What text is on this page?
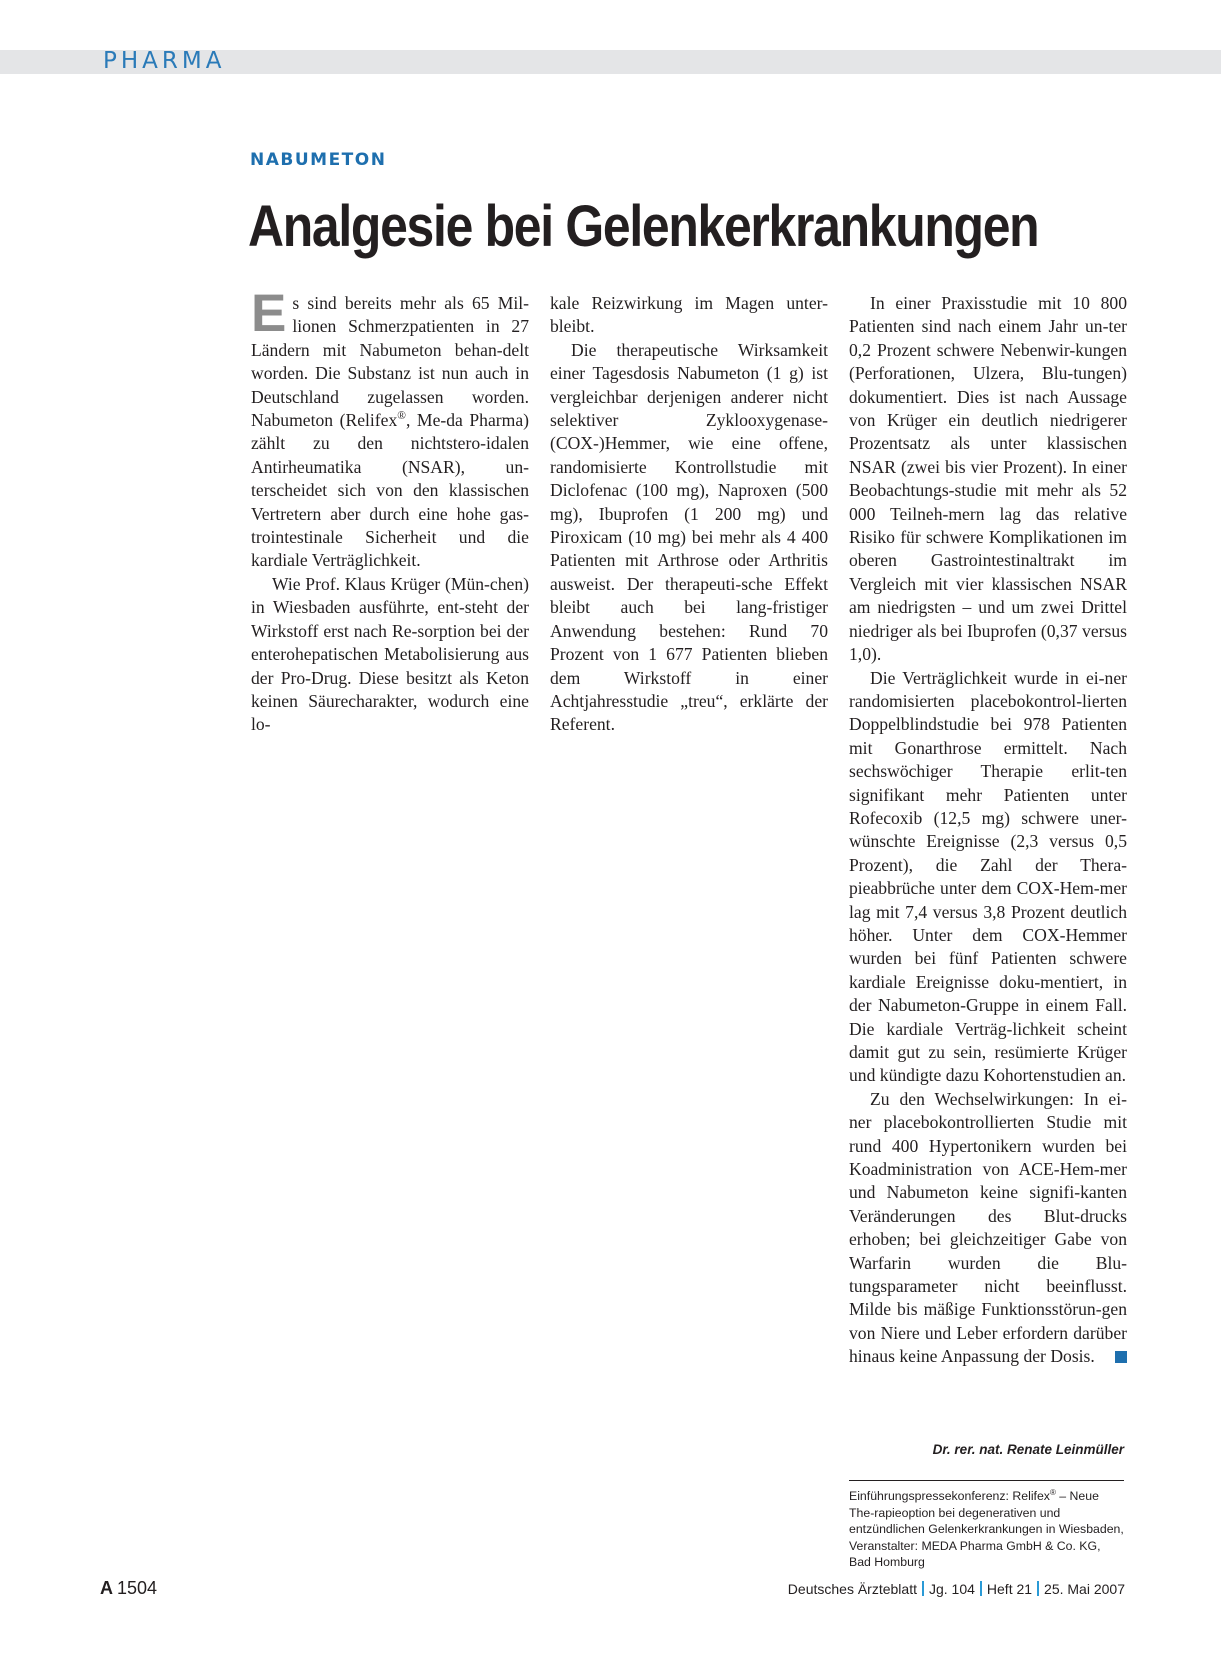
PHARMA
NABUMETON
Analgesie bei Gelenkerkrankungen

Es sind bereits mehr als 65 Mil-lionen Schmerzpatienten in 27 Ländern mit Nabumeton behan-delt worden. Die Substanz ist nun auch in Deutschland zugelassen worden. Nabumeton (Relifex®, Me-da Pharma) zählt zu den nichtstero-idalen Antirheumatika (NSAR), un-terscheidet sich von den klassischen Vertretern aber durch eine hohe gas-trointestinale Sicherheit und die kardiale Verträglichkeit.

Wie Prof. Klaus Krüger (Mün-chen) in Wiesbaden ausführte, ent-steht der Wirkstoff erst nach Re-sorption bei der enterohepatischen Metabolisierung aus der Pro-Drug. Diese besitzt als Keton keinen Säurecharakter, wodurch eine lo-

kale Reizwirkung im Magen unter-bleibt.

Die therapeutische Wirksamkeit einer Tagesdosis Nabumeton (1 g) ist vergleichbar derjenigen anderer nicht selektiver Zyklooxygenase-(COX-)Hemmer, wie eine offene, randomisierte Kontrollstudie mit Diclofenac (100 mg), Naproxen (500 mg), Ibuprofen (1 200 mg) und Piroxicam (10 mg) bei mehr als 4 400 Patienten mit Arthrose oder Arthritis ausweist. Der therapeuti-sche Effekt bleibt auch bei lang-fristiger Anwendung bestehen: Rund 70 Prozent von 1 677 Patienten blieben dem Wirkstoff in einer Achtjahresstudie „treu“, erklärte der Referent.

In einer Praxisstudie mit 10 800 Patienten sind nach einem Jahr un-ter 0,2 Prozent schwere Nebenwir-kungen (Perforationen, Ulzera, Blu-tungen) dokumentiert. Dies ist nach Aussage von Krüger ein deutlich niedrigerer Prozentsatz als unter klassischen NSAR (zwei bis vier Prozent). In einer Beobachtungs-studie mit mehr als 52 000 Teilneh-mern lag das relative Risiko für schwere Komplikationen im oberen Gastrointestinaltrakt im Vergleich mit vier klassischen NSAR am niedrigsten – und um zwei Drittel niedriger als bei Ibuprofen (0,37 versus 1,0).

Die Verträglichkeit wurde in ei-ner randomisierten placebokontrol-lierten Doppelblindstudie bei 978 Patienten mit Gonarthrose ermittelt. Nach sechswöchiger Therapie erlit-ten signifikant mehr Patienten unter Rofecoxib (12,5 mg) schwere uner-wünschte Ereignisse (2,3 versus 0,5 Prozent), die Zahl der Thera-pieabbrüche unter dem COX-Hem-mer lag mit 7,4 versus 3,8 Prozent deutlich höher. Unter dem COX-Hemmer wurden bei fünf Patienten schwere kardiale Ereignisse doku-mentiert, in der Nabumeton-Gruppe in einem Fall. Die kardiale Verträg-lichkeit scheint damit gut zu sein, resümierte Krüger und kündigte dazu Kohortenstudien an.

Zu den Wechselwirkungen: In ei-ner placebokontrollierten Studie mit rund 400 Hypertonikern wurden bei Koadministration von ACE-Hem-mer und Nabumeton keine signifi-kanten Veränderungen des Blut-drucks erhoben; bei gleichzeitiger Gabe von Warfarin wurden die Blu-tungsparameter nicht beeinflusst. Milde bis mäßige Funktionsstörun-gen von Niere und Leber erfordern darüber hinaus keine Anpassung der Dosis.

Dr. rer. nat. Renate Leinmüller
Einführungspressekonferenz: Relifex® – Neue The-rapieoption bei degenerativen und entzündlichen Gelenkerkrankungen in Wiesbaden, Veranstalter: MEDA Pharma GmbH & Co. KG, Bad Homburg
A 1504	Deutsches Ärzteblatt Jg. 104 Heft 21 25. Mai 2007
